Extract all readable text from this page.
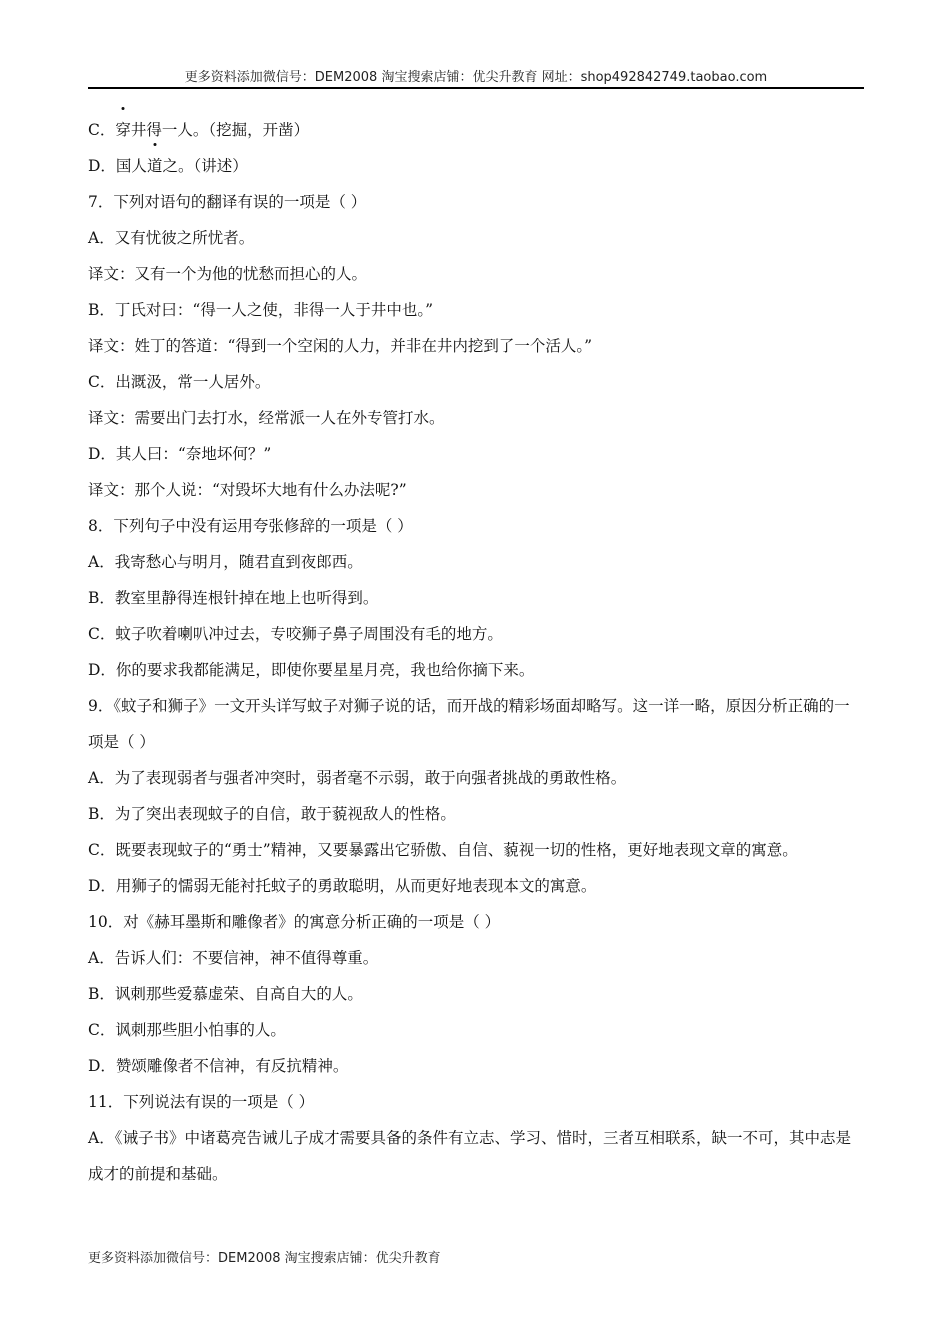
更多资料添加微信号：DEM2008 淘宝搜索店铺：优尖升教育 网址：shop492842749.taobao.com
C．穿井得一人。（挖掘，开凿）
D．国人道之。（讲述）
7．下列对语句的翻译有误的一项是（ ）
A．又有忧彼之所忧者。
译文：又有一个为他的忧愁而担心的人。
B．丁氏对曰：“得一人之使，非得一人于井中也。”
译文：姓丁的答道：“得到一个空闲的人力，并非在井内挖到了一个活人。”
C．出溉汲，常一人居外。
译文：需要出门去打水，经常派一人在外专管打水。
D．其人曰：“奈地坏何？”
译文：那个人说：“对毁坏大地有什么办法呢?”
8．下列句子中没有运用夸张修辞的一项是（ ）
A．我寄愁心与明月，随君直到夜郎西。
B．教室里静得连根针掉在地上也听得到。
C．蚊子吹着喇叭冲过去，专咬狮子鼻子周围没有毛的地方。
D．你的要求我都能满足，即使你要星星月亮，我也给你摘下来。
9．《蚊子和狮子》一文开头详写蚊子对狮子说的话，而开战的精彩场面却略写。这一详一略，原因分析正确的一项是（ ）
A．为了表现弱者与强者冲突时，弱者毫不示弱，敢于向强者挑战的勇敢性格。
B．为了突出表现蚊子的自信，敢于藐视敌人的性格。
C．既要表现蚊子的“勇士”精神，又要暴露出它骄傲、自信、藐视一切的性格，更好地表现文章的寓意。
D．用狮子的懦弱无能衬托蚊子的勇敢聪明，从而更好地表现本文的寓意。
10．对《赫耳墨斯和雕像者》的寓意分析正确的一项是（ ）
A．告诉人们：不要信神，神不值得尊重。
B．讽刺那些爱慕虚荣、自高自大的人。
C．讽刺那些胆小怕事的人。
D．赞颂雕像者不信神，有反抗精神。
11．下列说法有误的一项是（ ）
A．《诫子书》中诸葛亮告诫儿子成才需要具备的条件有立志、学习、惜时，三者互相联系，缺一不可，其中志是成才的前提和基础。
更多资料添加微信号：DEM2008 淘宝搜索店铺：优尖升教育
